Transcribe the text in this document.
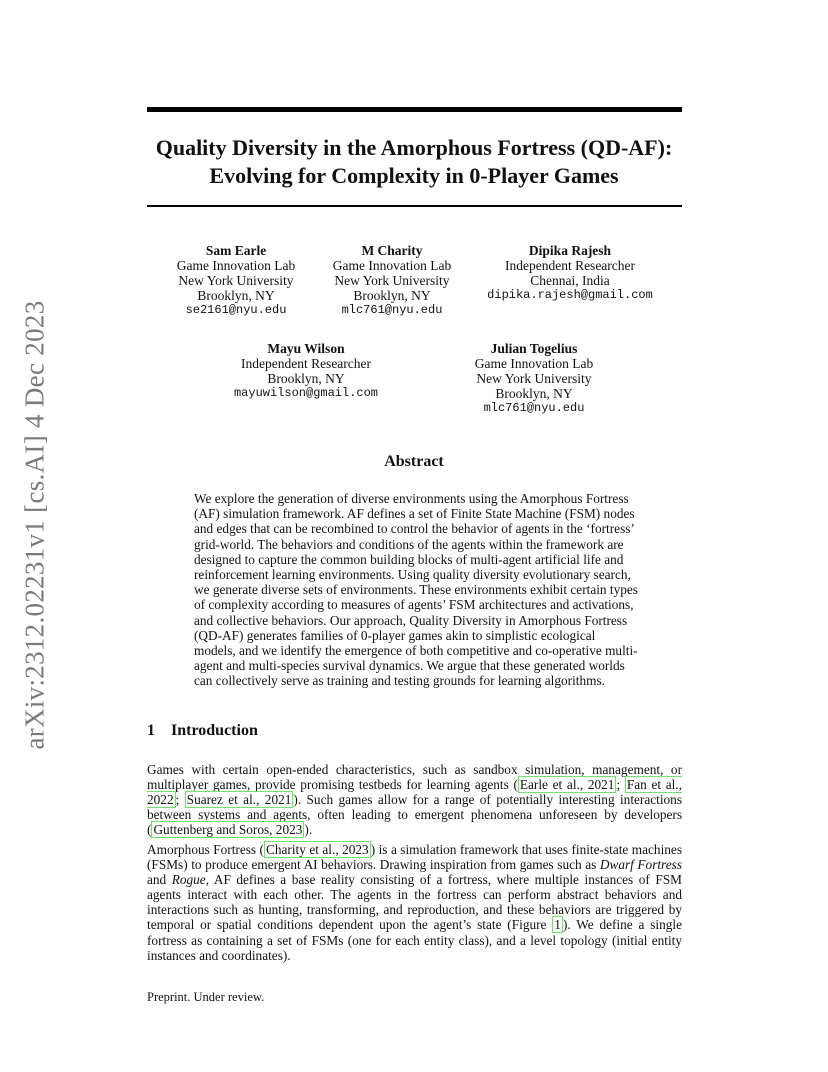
arXiv:2312.02231v1 [cs.AI] 4 Dec 2023
Quality Diversity in the Amorphous Fortress (QD-AF):
Evolving for Complexity in 0-Player Games
Sam Earle
Game Innovation Lab
New York University
Brooklyn, NY
se2161@nyu.edu
M Charity
Game Innovation Lab
New York University
Brooklyn, NY
mlc761@nyu.edu
Dipika Rajesh
Independent Researcher
Chennai, India
dipika.rajesh@gmail.com
Mayu Wilson
Independent Researcher
Brooklyn, NY
mayuwilson@gmail.com
Julian Togelius
Game Innovation Lab
New York University
Brooklyn, NY
mlc761@nyu.edu
Abstract
We explore the generation of diverse environments using the Amorphous Fortress (AF) simulation framework. AF defines a set of Finite State Machine (FSM) nodes and edges that can be recombined to control the behavior of agents in the ‘fortress’ grid-world. The behaviors and conditions of the agents within the framework are designed to capture the common building blocks of multi-agent artificial life and reinforcement learning environments. Using quality diversity evolutionary search, we generate diverse sets of environments. These environments exhibit certain types of complexity according to measures of agents’ FSM architectures and activations, and collective behaviors. Our approach, Quality Diversity in Amorphous Fortress (QD-AF) generates families of 0-player games akin to simplistic ecological models, and we identify the emergence of both competitive and co-operative multi-agent and multi-species survival dynamics. We argue that these generated worlds can collectively serve as training and testing grounds for learning algorithms.
1 Introduction
Games with certain open-ended characteristics, such as sandbox simulation, management, or multiplayer games, provide promising testbeds for learning agents ( Earle et al., 2021 ; Fan et al., 2022 ; Suarez et al., 2021 ). Such games allow for a range of potentially interesting interactions between systems and agents, often leading to emergent phenomena unforeseen by developers ( Guttenberg and Soros, 2023 ).
Amorphous Fortress ( Charity et al., 2023 ) is a simulation framework that uses finite-state machines (FSMs) to produce emergent AI behaviors. Drawing inspiration from games such as Dwarf Fortress and Rogue, AF defines a base reality consisting of a fortress, where multiple instances of FSM agents interact with each other. The agents in the fortress can perform abstract behaviors and interactions such as hunting, transforming, and reproduction, and these behaviors are triggered by temporal or spatial conditions dependent upon the agent’s state (Figure 1 ). We define a single fortress as containing a set of FSMs (one for each entity class), and a level topology (initial entity instances and coordinates).
Preprint. Under review.
